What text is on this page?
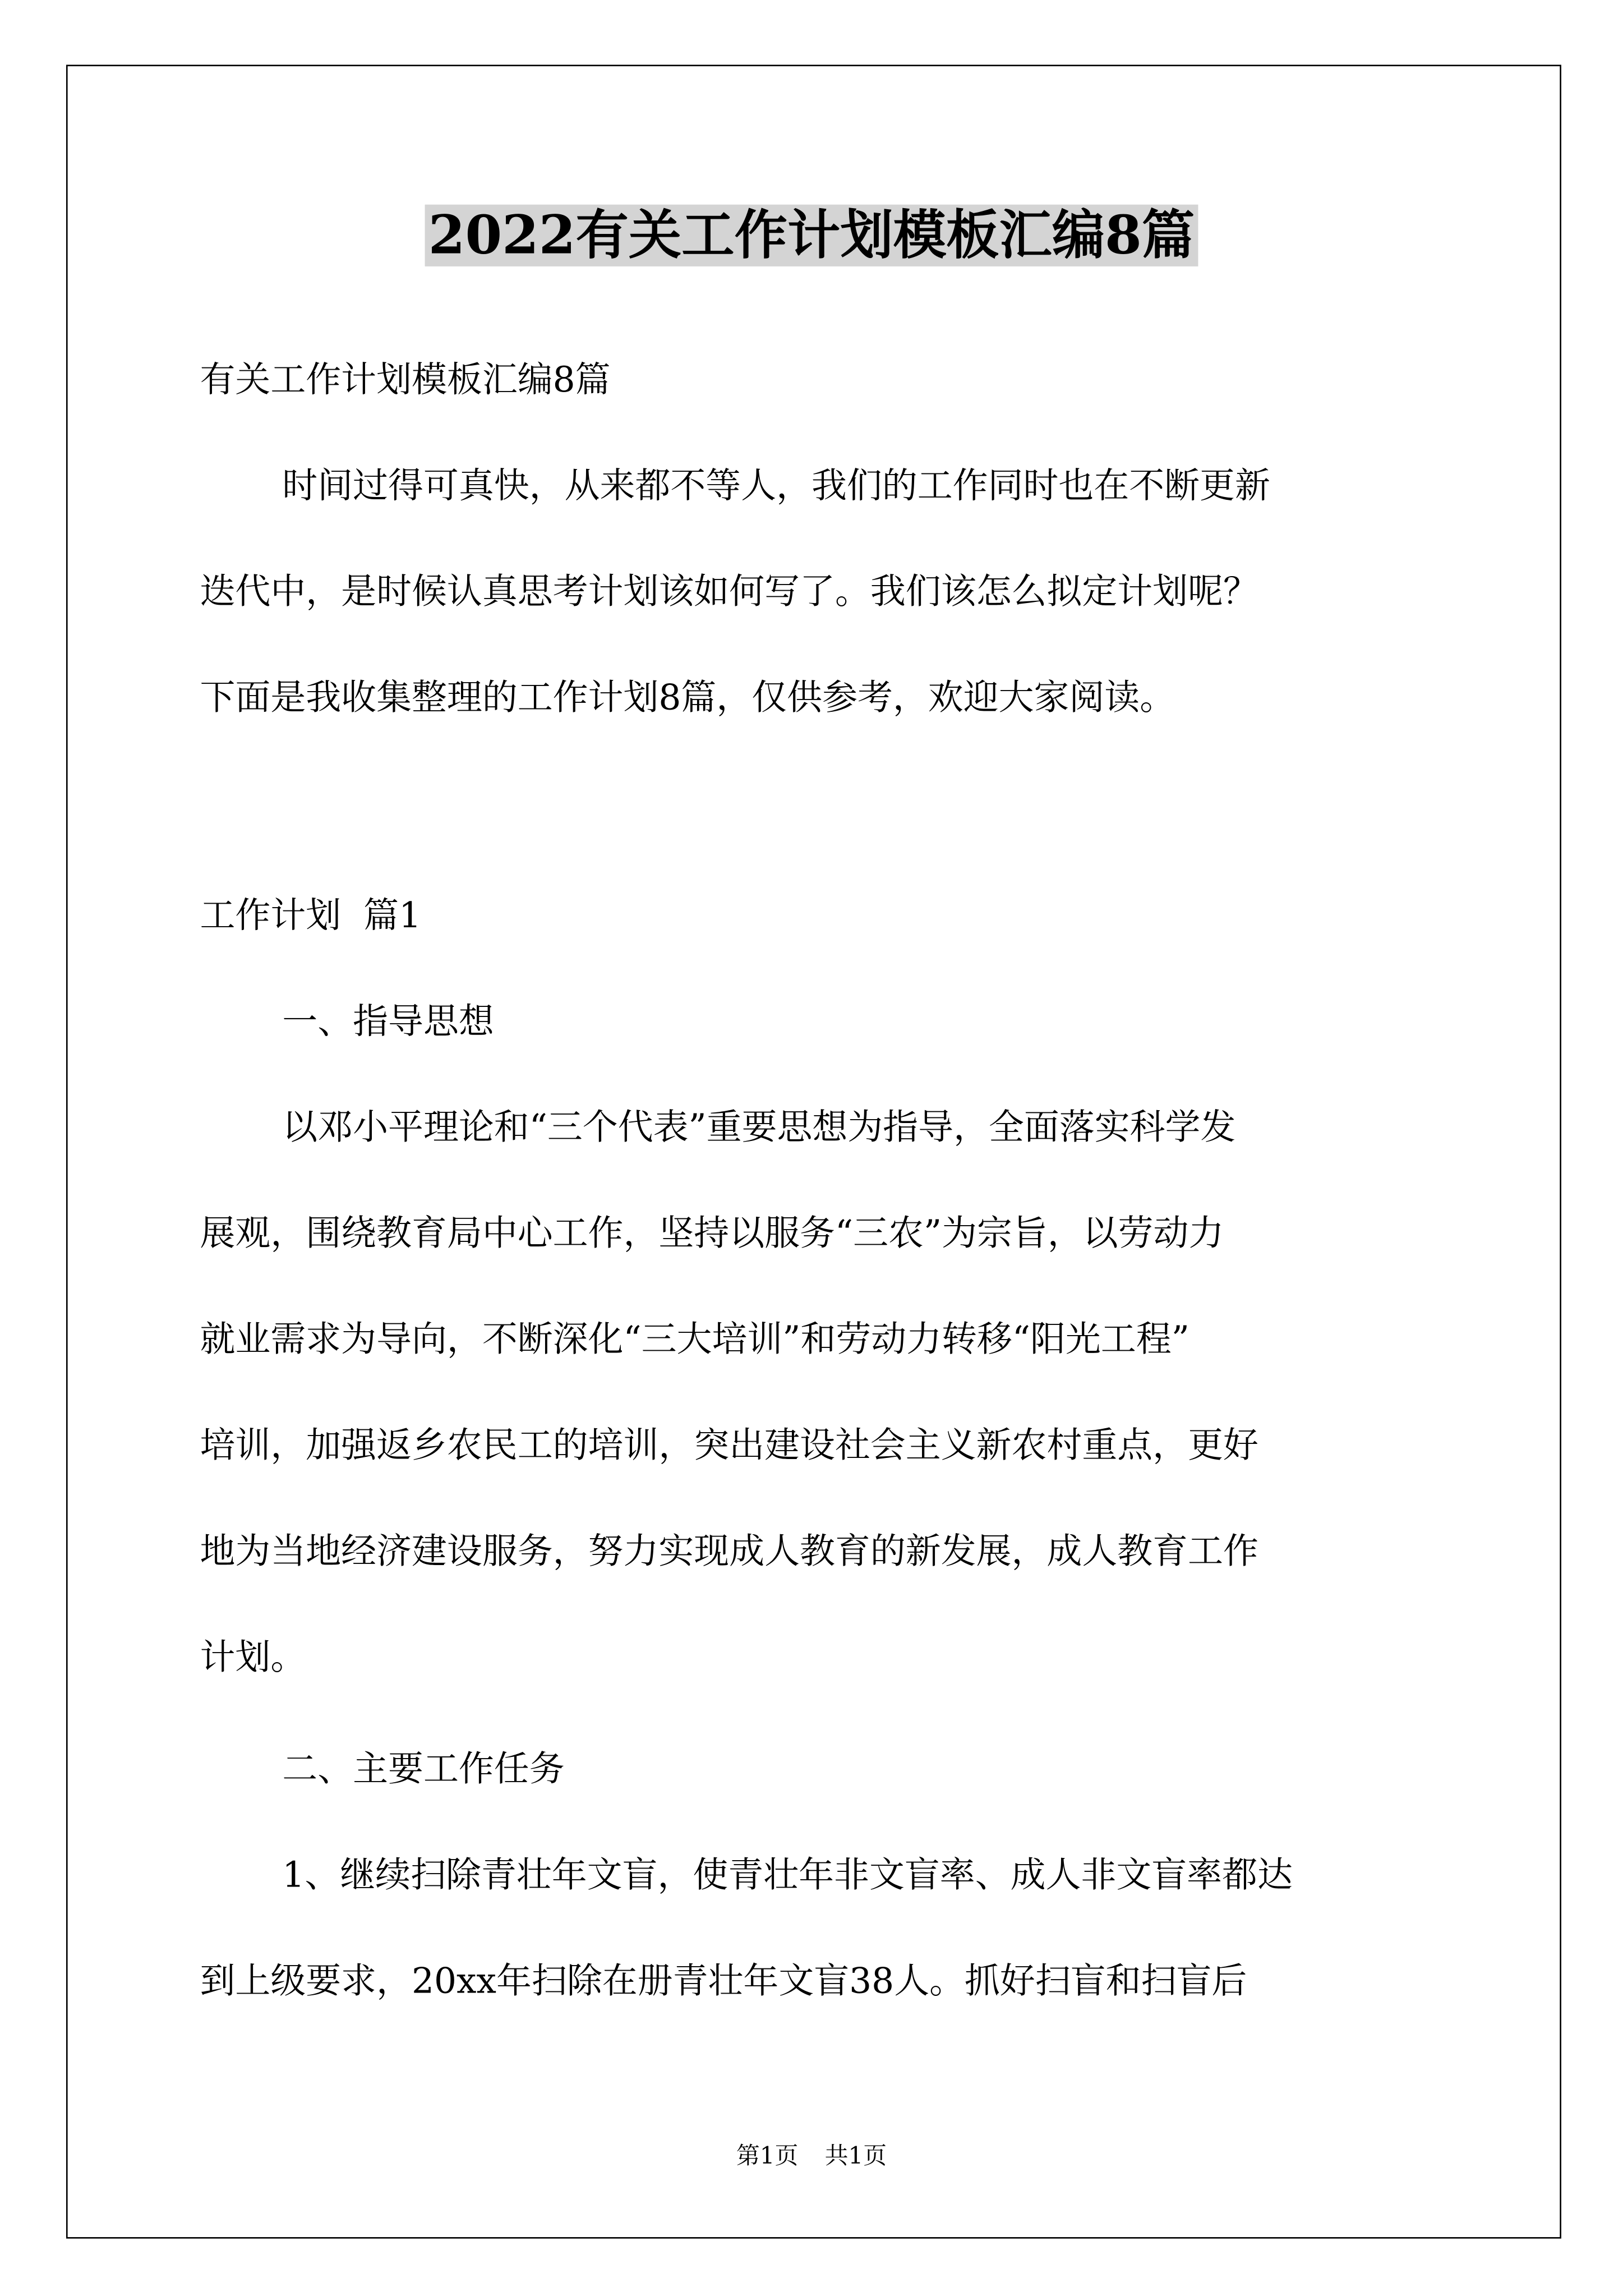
2022有关工作计划模板汇编8篇

有关工作计划模板汇编8篇

时间过得可真快，从来都不等人，我们的工作同时也在不断更新

迭代中，是时候认真思考计划该如何写了。我们该怎么拟定计划呢？

下面是我收集整理的工作计划8篇，仅供参考，欢迎大家阅读。

工作计划  篇1

一、指导思想

以邓小平理论和“三个代表”重要思想为指导，全面落实科学发

展观，围绕教育局中心工作，坚持以服务“三农”为宗旨，以劳动力

就业需求为导向，不断深化“三大培训”和劳动力转移“阳光工程”

培训，加强返乡农民工的培训，突出建设社会主义新农村重点，更好

地为当地经济建设服务，努力实现成人教育的新发展，成人教育工作

计划。

二、主要工作任务

1、继续扫除青壮年文盲，使青壮年非文盲率、成人非文盲率都达

到上级要求，20xx年扫除在册青壮年文盲38人。抓好扫盲和扫盲后

第1页	共1页
